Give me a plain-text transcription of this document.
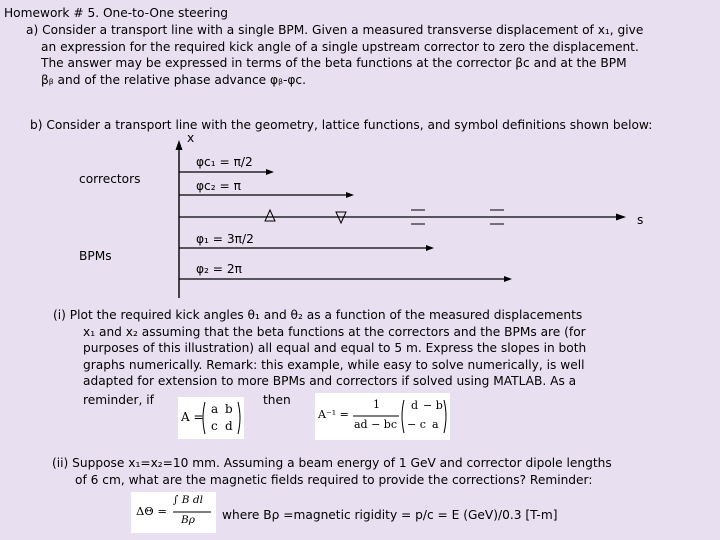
Homework # 5. One-to-One steering
a) Consider a transport line with a single BPM. Given a measured transverse displacement of x₁, give
an expression for the required kick angle of a single upstream corrector to zero the displacement.
The answer may be expressed in terms of the beta functions at the corrector βᴄ and at the BPM
βᵦ and of the relative phase advance φᵦ-φᴄ.
b) Consider a transport line with the geometry, lattice functions, and symbol definitions shown below:
x
s
correctors
BPMs
φᴄ₁ = π/2
φᴄ₂ = π
φ₁ = 3π/2
φ₂ = 2π
(i) Plot the required kick angles θ₁ and θ₂ as a function of the measured displacements
x₁ and x₂ assuming that the beta functions at the correctors and the BPMs are (for
purposes of this illustration) all equal and equal to 5 m. Express the slopes in both
graphs numerically. Remark: this example, while easy to solve numerically, is well
adapted for extension to more BPMs and correctors if solved using MATLAB. As a
reminder, if	then
A =
a b
c d
A⁻¹ =
1
ad − bc
d − b
− c a
(ii) Suppose x₁=x₂=10 mm. Assuming a beam energy of 1 GeV and corrector dipole lengths
of 6 cm, what are the magnetic fields required to provide the corrections? Reminder:
ΔΘ =
∫ B dl
Bρ where Bρ =magnetic rigidity = p/c = E (GeV)/0.3 [T-m]
